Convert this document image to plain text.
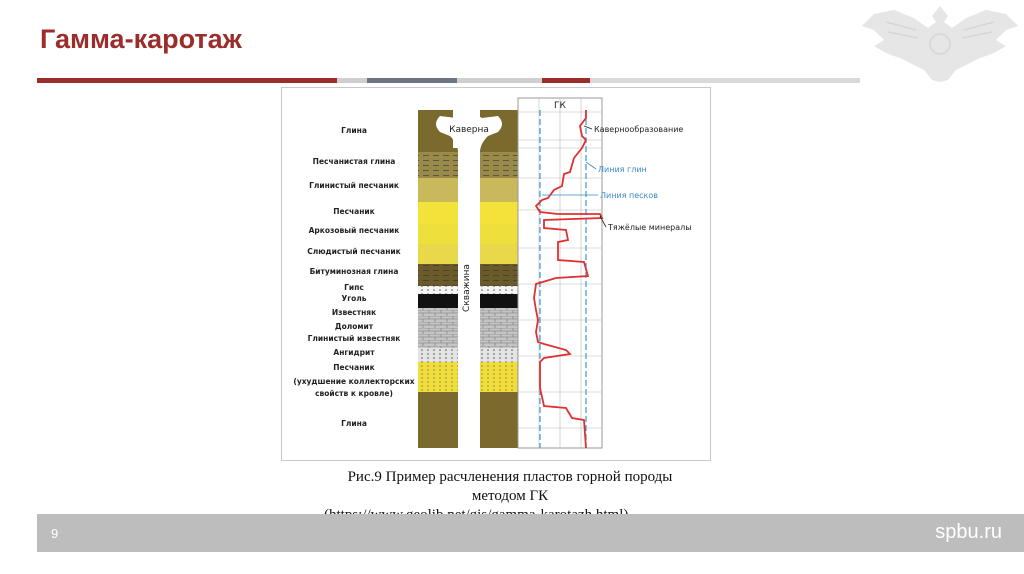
Гамма-каротаж
Глина
Песчанистая глина
Глинистый песчаник
Песчаник
Аркозовый песчаник
Слюдистый песчаник
Битуминозная глина
Гипс
Уголь
Известняк
Доломит
Глинистый известняк
Ангидрит
Песчаник
(ухудшение коллекторских
свойств к кровле)
Глина
Каверна
Скважина
ГК
Кавернообразование
Линия глин
Линия песков
Тяжёлые минералы
Рис.9 Пример расчленения пластов горной породы
методом ГК
9	spbu.ru
